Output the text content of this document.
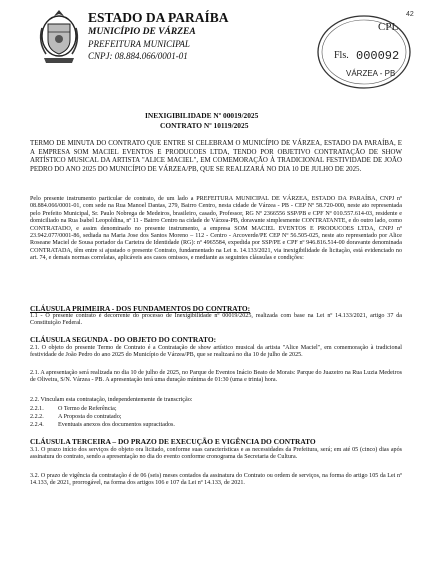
ESTADO DA PARAÍBA

MUNICÍPIO DE VÁRZEA

PREFEITURA MUNICIPAL

CNPJ: 08.884.066/0001-01

CPL
Fls. 000092
VÁRZEA - PB
42

INEXIGIBILIDADE Nº 00019/2025

CONTRATO Nº 10119/2025

TERMO DE MINUTA DO CONTRATO QUE ENTRE SI CELEBRAM O MUNICÍPIO DE VÁRZEA, ESTADO DA PARAÍBA, E A EMPRESA SOM MACIEL EVENTOS E PRODUCOES LTDA, TENDO POR OBJETIVO CONTRATAÇÃO DE SHOW ARTÍSTICO MUSICAL DA ARTISTA "ALICE MACIEL", EM COMEMORAÇÃO À TRADICIONAL FESTIVIDADE DE JOÃO PEDRO DO ANO 2025 DO MUNICÍPIO DE VÁRZEA/PB, QUE SE REALIZARÁ NO DIA 10 DE JULHO DE 2025.

Pelo presente instrumento particular de contrato, de um lado a PREFEITURA MUNICIPAL DE VÁRZEA, ESTADO DA PARAÍBA, CNPJ nº 08.884.066/0001-01, com sede na Rua Manoel Dantas, 279, Bairro Centro, nesta cidade de Várzea - PB - CEP Nº 58.720-000, neste ato representada pelo Prefeito Municipal, Sr. Paulo Nobrega de Medeiros, brasileiro, casado, Professor, RG Nº 2366556 SSP/PB e CPF Nº 010.557.614-03, residente e domiciliado na Rua Isabel Leopoldina, nº 11 - Bairro Centro na cidade de Várzea-PB, doravante simplesmente CONTRATANTE, e do outro lado, como CONTRATADO, e assim denominado no presente instrumento, a empresa SOM MACIEL EVENTOS E PRODUCOES LTDA, CNPJ nº 23.942.077/0001-86, sediada na Maria Jose dos Santos Moreno – 112 - Centro - Arcoverde/PE CEP Nº 56.505-025, neste ato representado por Alice Roseane Maciel de Sousa portador da Carteira de Identidade (RG): nº 4965584, expedida por SSP/PE e CPF nº 946.816.514-00 doravante denominada CONTRATADA, têm entre si ajustado o presente Contrato, fundamentado na Lei n. 14.133/2021, via inexigibilidade de licitação, está evidenciado no art. 74, e demais normas correlatas, aplicáveis aos casos omissos, e mediante as seguintes cláusulas e condições:

CLÁUSULA PRIMEIRA - DOS FUNDAMENTOS DO CONTRATO:

1.1 - O presente contrato é decorrente do processo de Inexigibilidade nº 00019/2025, realizada com base na Lei nº 14.133/2021, artigo 37 da Constituição Federal.

CLÁUSULA SEGUNDA - DO OBJETO DO CONTRATO:

2.1. O objeto do presente Termo de Contrato é a Contratação de show artístico musical da artista "Alice Maciel", em comemoração à tradicional festividade de João Pedro do ano 2025 do Município de Várzea/PB, que se realizará no dia 10 de julho de 2025.

2.1. A apresentação será realizada no dia 10 de julho de 2025, no Parque de Eventos Inácio Beato de Morais: Parque do Juazeiro na Rua Luzia Medeiros de Oliveira, S/N. Várzea - PB. A apresentação terá uma duração mínima de 01:30 (uma e trinta) hora.

2.2. Vinculam esta contratação, independentemente de transcrição:

2.2.1. O Termo de Referência;

2.2.2. A Proposta do contratado;

2.2.4. Eventuais anexos dos documentos supracitados.

CLÁUSULA TERCEIRA – DO PRAZO DE EXECUÇÃO E VIGÊNCIA DO CONTRATO

3.1. O prazo início dos serviços do objeto ora licitado, conforme suas características e as necessidades da Prefeitura, será; em até 05 (cinco) dias após assinatura do contrato, sendo a apresentação no dia do evento conforme cronograma da Secretaria de Cultura.

3.2. O prazo de vigência da contratação é de 06 (seis) meses contados da assinatura do Contrato ou ordem de serviços, na forma do artigo 105 da Lei nº 14.133, de 2021, prorrogável, na forma dos artigos 106 e 107 da Lei nº 14.133, de 2021.
